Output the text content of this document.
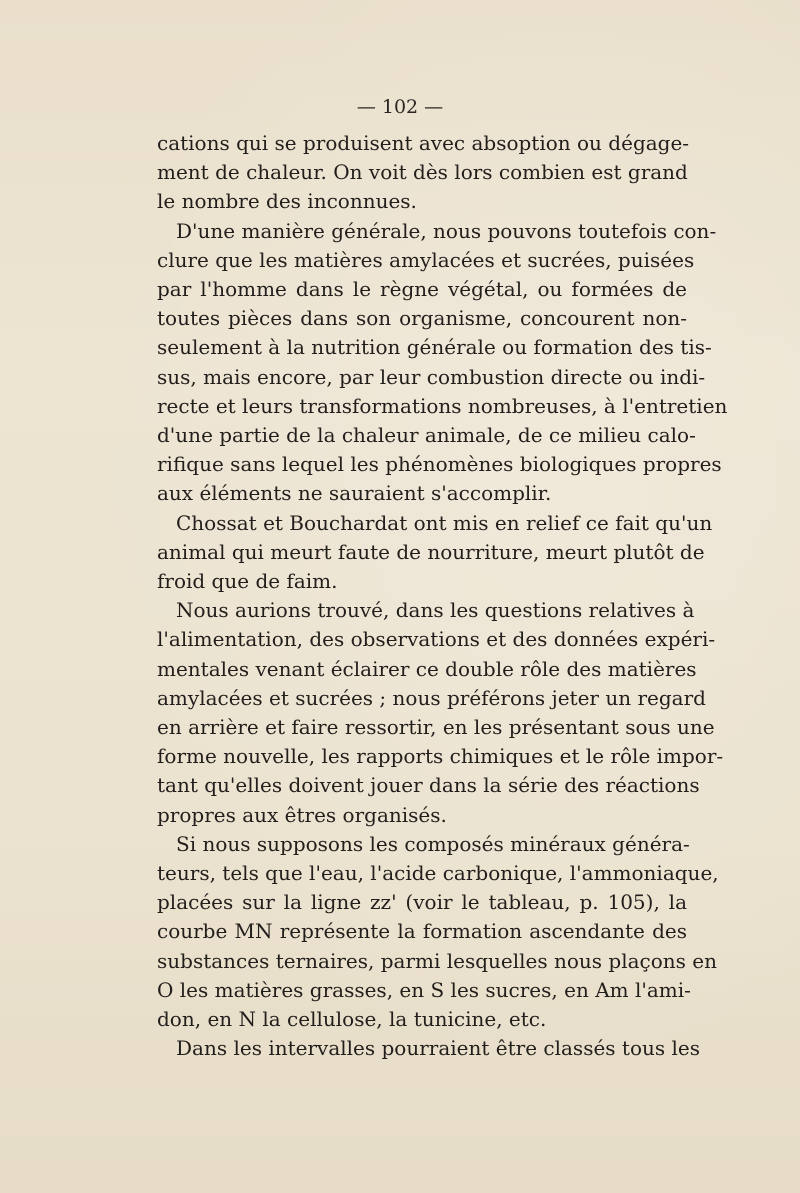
— 102 —
cations qui se produisent avec absoption ou dégage-
ment de chaleur. On voit dès lors combien est grand
le nombre des inconnues.
D'une manière générale, nous pouvons toutefois con-
clure que les matières amylacées et sucrées, puisées
par l'homme dans le règne végétal, ou formées de
toutes pièces dans son organisme, concourent non-
seulement à la nutrition générale ou formation des tis-
sus, mais encore, par leur combustion directe ou indi-
recte et leurs transformations nombreuses, à l'entretien
d'une partie de la chaleur animale, de ce milieu calo-
rifique sans lequel les phénomènes biologiques propres
aux éléments ne sauraient s'accomplir.
Chossat et Bouchardat ont mis en relief ce fait qu'un
animal qui meurt faute de nourriture, meurt plutôt de
froid que de faim.
Nous aurions trouvé, dans les questions relatives à
l'alimentation, des observations et des données expéri-
mentales venant éclairer ce double rôle des matières
amylacées et sucrées ; nous préférons jeter un regard
en arrière et faire ressortir, en les présentant sous une
forme nouvelle, les rapports chimiques et le rôle impor-
tant qu'elles doivent jouer dans la série des réactions
propres aux êtres organisés.
Si nous supposons les composés minéraux généra-
teurs, tels que l'eau, l'acide carbonique, l'ammoniaque,
placées sur la ligne zz' (voir le tableau, p. 105), la
courbe MN représente la formation ascendante des
substances ternaires, parmi lesquelles nous plaçons en
O les matières grasses, en S les sucres, en Am l'ami-
don, en N la cellulose, la tunicine, etc.
Dans les intervalles pourraient être classés tous les
